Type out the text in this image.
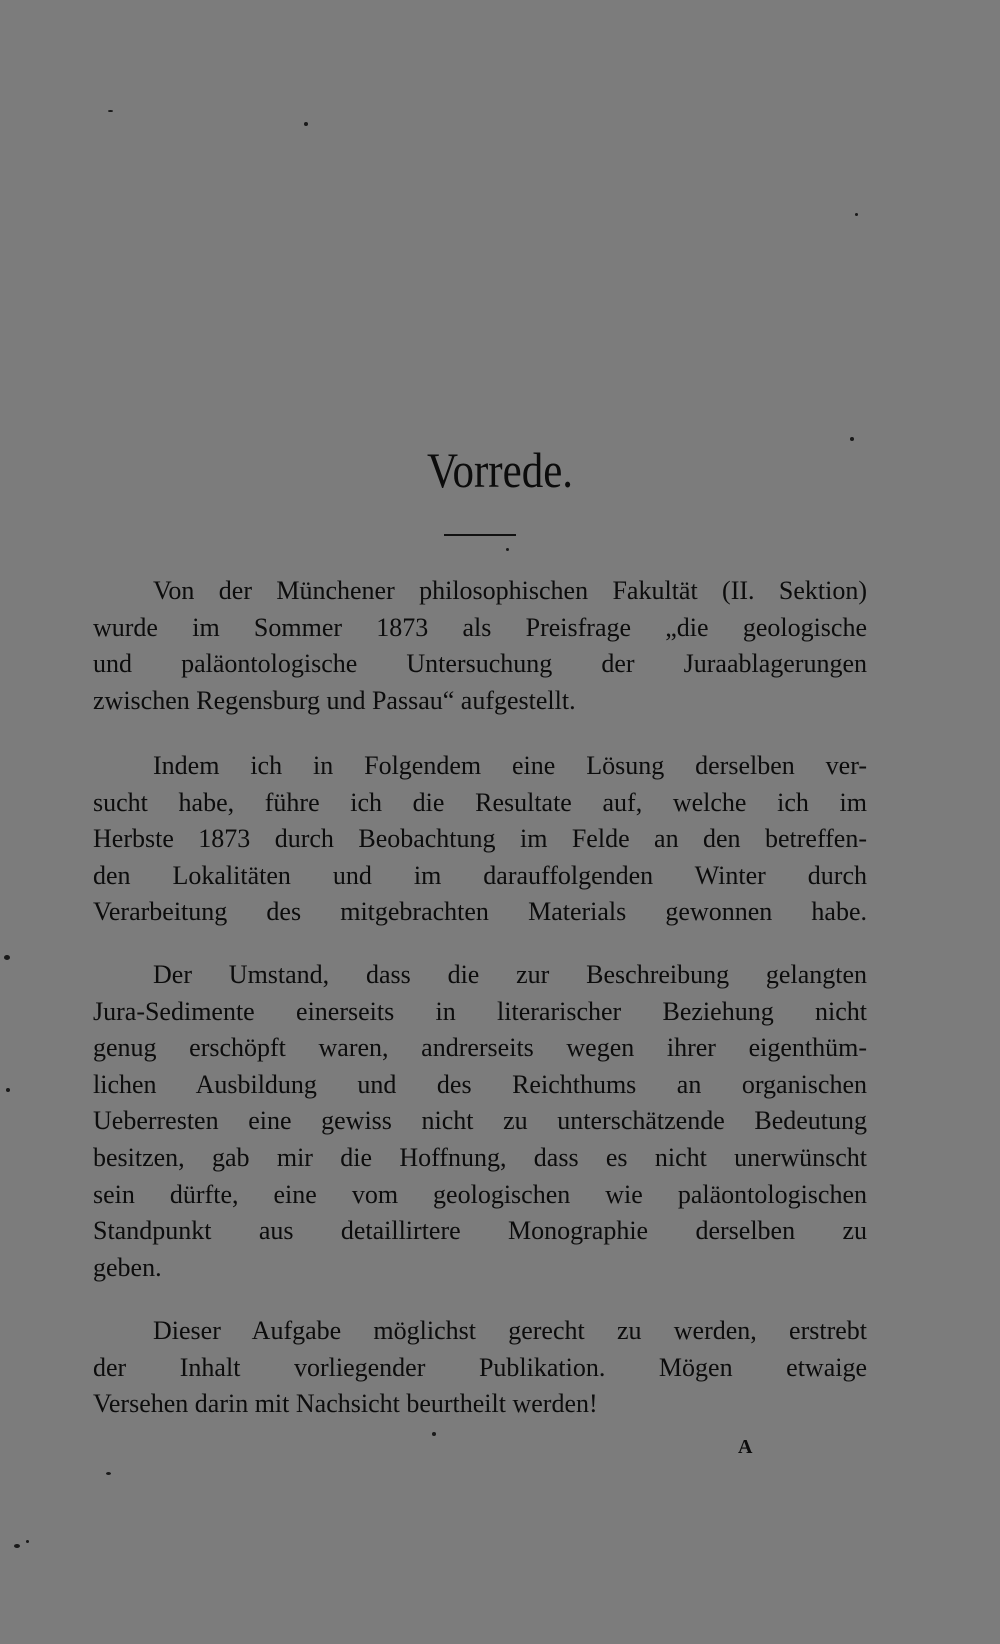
Vorrede.
Von der Münchener philosophischen Fakultät (II. Sektion)
wurde im Sommer 1873 als Preisfrage „die geologische
und paläontologische Untersuchung der Juraablagerungen
zwischen Regensburg und Passau“ aufgestellt.
Indem ich in Folgendem eine Lösung derselben ver-
sucht habe, führe ich die Resultate auf, welche ich im
Herbste 1873 durch Beobachtung im Felde an den betreffen-
den Lokalitäten und im darauffolgenden Winter durch
Verarbeitung des mitgebrachten Materials gewonnen habe.
Der Umstand, dass die zur Beschreibung gelangten
Jura-Sedimente einerseits in literarischer Beziehung nicht
genug erschöpft waren, andrerseits wegen ihrer eigenthüm-
lichen Ausbildung und des Reichthums an organischen
Ueberresten eine gewiss nicht zu unterschätzende Bedeutung
besitzen, gab mir die Hoffnung, dass es nicht unerwünscht
sein dürfte, eine vom geologischen wie paläontologischen
Standpunkt aus detaillirtere Monographie derselben zu
geben.
Dieser Aufgabe möglichst gerecht zu werden, erstrebt
der Inhalt vorliegender Publikation. Mögen etwaige
Versehen darin mit Nachsicht beurtheilt werden!
A
